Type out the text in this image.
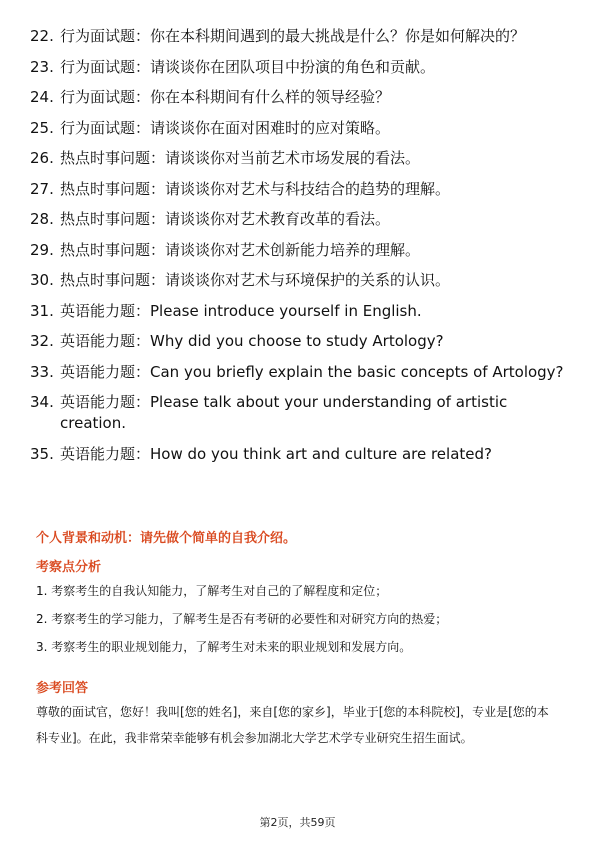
22. 行为面试题：你在本科期间遇到的最大挑战是什么？你是如何解决的？
23. 行为面试题：请谈谈你在团队项目中扮演的角色和贡献。
24. 行为面试题：你在本科期间有什么样的领导经验？
25. 行为面试题：请谈谈你在面对困难时的应对策略。
26. 热点时事问题：请谈谈你对当前艺术市场发展的看法。
27. 热点时事问题：请谈谈你对艺术与科技结合的趋势的理解。
28. 热点时事问题：请谈谈你对艺术教育改革的看法。
29. 热点时事问题：请谈谈你对艺术创新能力培养的理解。
30. 热点时事问题：请谈谈你对艺术与环境保护的关系的认识。
31. 英语能力题：Please introduce yourself in English.
32. 英语能力题：Why did you choose to study Artology?
33. 英语能力题：Can you briefly explain the basic concepts of Artology?
34. 英语能力题：Please talk about your understanding of artistic creation.
35. 英语能力题：How do you think art and culture are related?
个人背景和动机：请先做个简单的自我介绍。
考察点分析
1. 考察考生的自我认知能力，了解考生对自己的了解程度和定位；
2. 考察考生的学习能力，了解考生是否有考研的必要性和对研究方向的热爱；
3. 考察考生的职业规划能力，了解考生对未来的职业规划和发展方向。
参考回答
尊敬的面试官，您好！我叫[您的姓名]，来自[您的家乡]，毕业于[您的本科院校]，专业是[您的本科专业]。在此，我非常荣幸能够有机会参加湖北大学艺术学专业研究生招生面试。
第2页，共59页
